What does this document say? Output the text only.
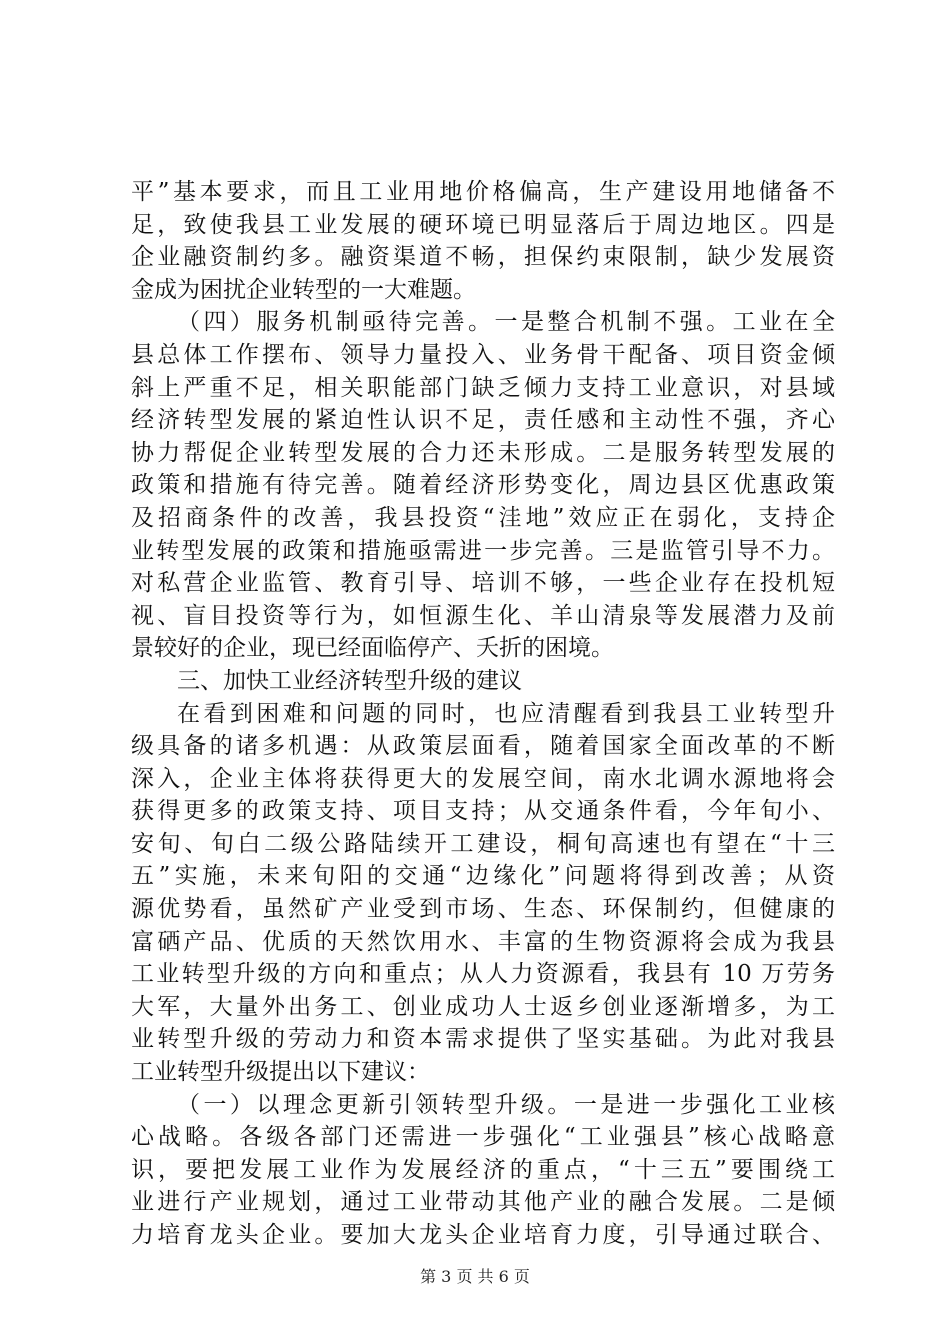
平”基本要求，而且工业用地价格偏高，生产建设用地储备不
足，致使我县工业发展的硬环境已明显落后于周边地区。四是
企业融资制约多。融资渠道不畅，担保约束限制，缺少发展资
金成为困扰企业转型的一大难题。
（四）服务机制亟待完善。一是整合机制不强。工业在全
县总体工作摆布、领导力量投入、业务骨干配备、项目资金倾
斜上严重不足，相关职能部门缺乏倾力支持工业意识，对县域
经济转型发展的紧迫性认识不足，责任感和主动性不强，齐心
协力帮促企业转型发展的合力还未形成。二是服务转型发展的
政策和措施有待完善。随着经济形势变化，周边县区优惠政策
及招商条件的改善，我县投资“洼地”效应正在弱化，支持企
业转型发展的政策和措施亟需进一步完善。三是监管引导不力。
对私营企业监管、教育引导、培训不够，一些企业存在投机短
视、盲目投资等行为，如恒源生化、羊山清泉等发展潜力及前
景较好的企业，现已经面临停产、夭折的困境。
三、加快工业经济转型升级的建议
在看到困难和问题的同时，也应清醒看到我县工业转型升
级具备的诸多机遇：从政策层面看，随着国家全面改革的不断
深入，企业主体将获得更大的发展空间，南水北调水源地将会
获得更多的政策支持、项目支持；从交通条件看，今年旬小、
安旬、旬白二级公路陆续开工建设，桐旬高速也有望在“十三
五”实施，未来旬阳的交通“边缘化”问题将得到改善；从资
源优势看，虽然矿产业受到市场、生态、环保制约，但健康的
富硒产品、优质的天然饮用水、丰富的生物资源将会成为我县
工业转型升级的方向和重点；从人力资源看，我县有 10 万劳务
大军，大量外出务工、创业成功人士返乡创业逐渐增多，为工
业转型升级的劳动力和资本需求提供了坚实基础。为此对我县
工业转型升级提出以下建议：
（一）以理念更新引领转型升级。一是进一步强化工业核
心战略。各级各部门还需进一步强化“工业强县”核心战略意
识，要把发展工业作为发展经济的重点，“十三五”要围绕工
业进行产业规划，通过工业带动其他产业的融合发展。二是倾
力培育龙头企业。要加大龙头企业培育力度，引导通过联合、
第 3 页 共 6 页
